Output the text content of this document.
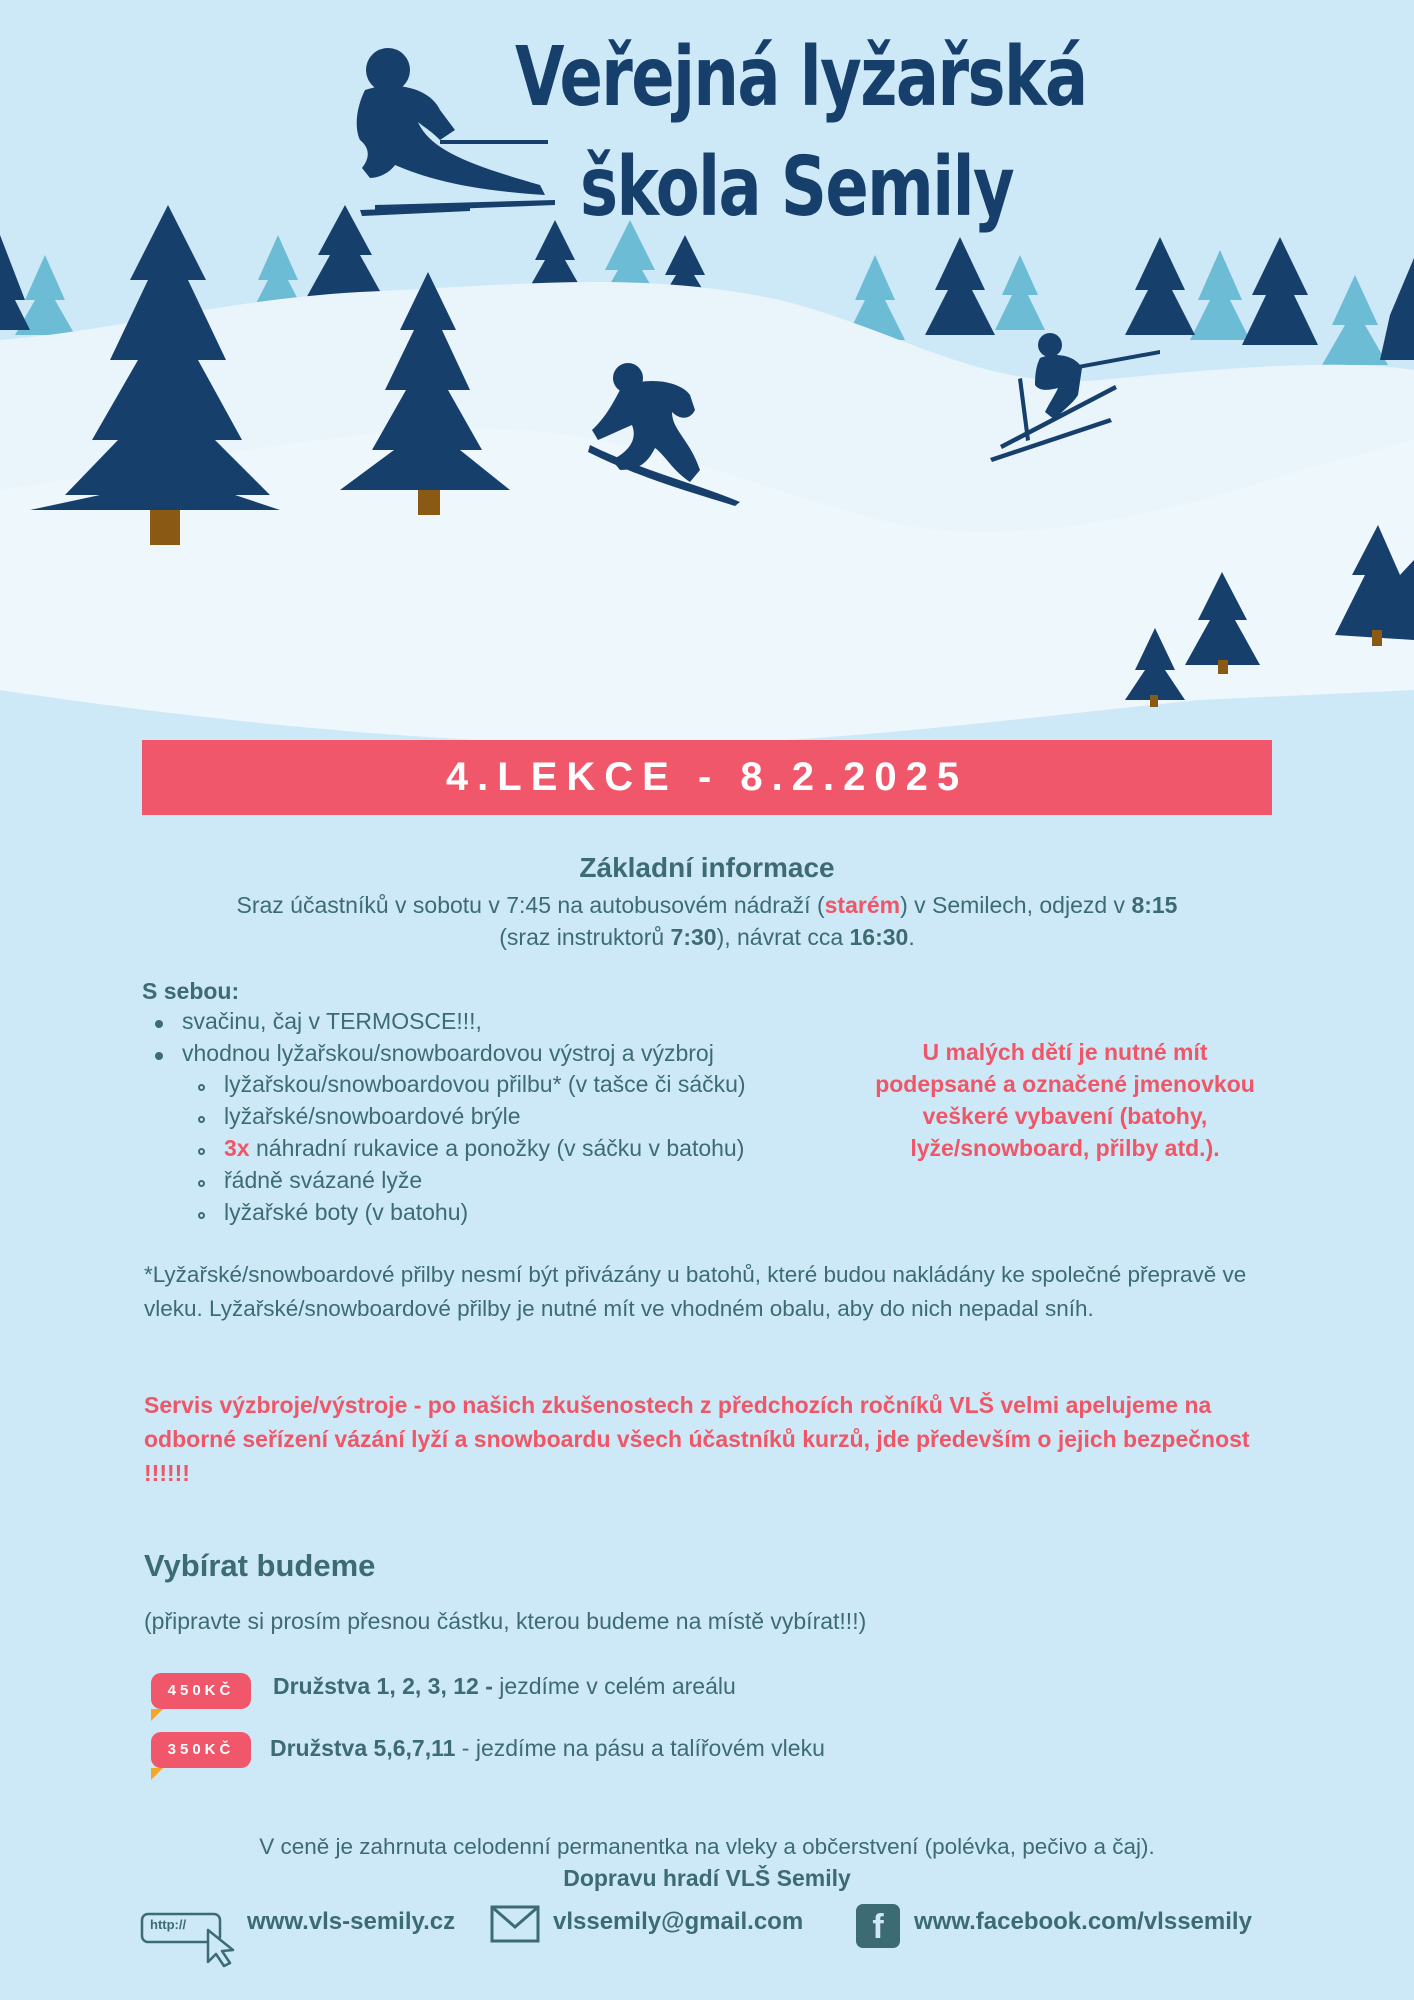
Veřejná lyžařská
škola Semily
4.LEKCE - 8.2.2025
Základní informace
Sraz účastníků v sobotu v 7:45 na autobusovém nádraží (starém) v Semilech, odjezd v 8:15
(sraz instruktorů 7:30), návrat cca 16:30.
S sebou:
svačinu, čaj v TERMOSCE!!!,
vhodnou lyžařskou/snowboardovou výstroj a výzbroj
lyžařskou/snowboardovou přilbu* (v tašce či sáčku)
lyžařské/snowboardové brýle
3x náhradní rukavice a ponožky (v sáčku v batohu)
řádně svázané lyže
lyžařské boty (v batohu)
U malých dětí je nutné mít podepsané a označené jmenovkou veškeré vybavení (batohy, lyže/snowboard, přilby atd.).
*Lyžařské/snowboardové přilby nesmí být přivázány u batohů, které budou nakládány ke společné přepravě ve vleku. Lyžařské/snowboardové přilby je nutné mít ve vhodném obalu, aby do nich nepadal sníh.
Servis výzbroje/výstroje - po našich zkušenostech z předchozích ročníků VLŠ velmi apelujeme na odborné seřízení vázání lyží a snowboardu všech účastníků kurzů, jde především o jejich bezpečnost !!!!!!
Vybírat budeme
(připravte si prosím přesnou částku, kterou budeme na místě vybírat!!!)
450KČ	Družstva 1, 2, 3, 12 - jezdíme v celém areálu
350KČ	Družstva 5,6,7,11 - jezdíme na pásu a talířovém vleku
V ceně je zahrnuta celodenní permanentka na vleky a občerstvení (polévka, pečivo a čaj).
Dopravu hradí VLŠ Semily
http://	www.vls-semily.cz	vlssemily@gmail.com	f	www.facebook.com/vlssemily
